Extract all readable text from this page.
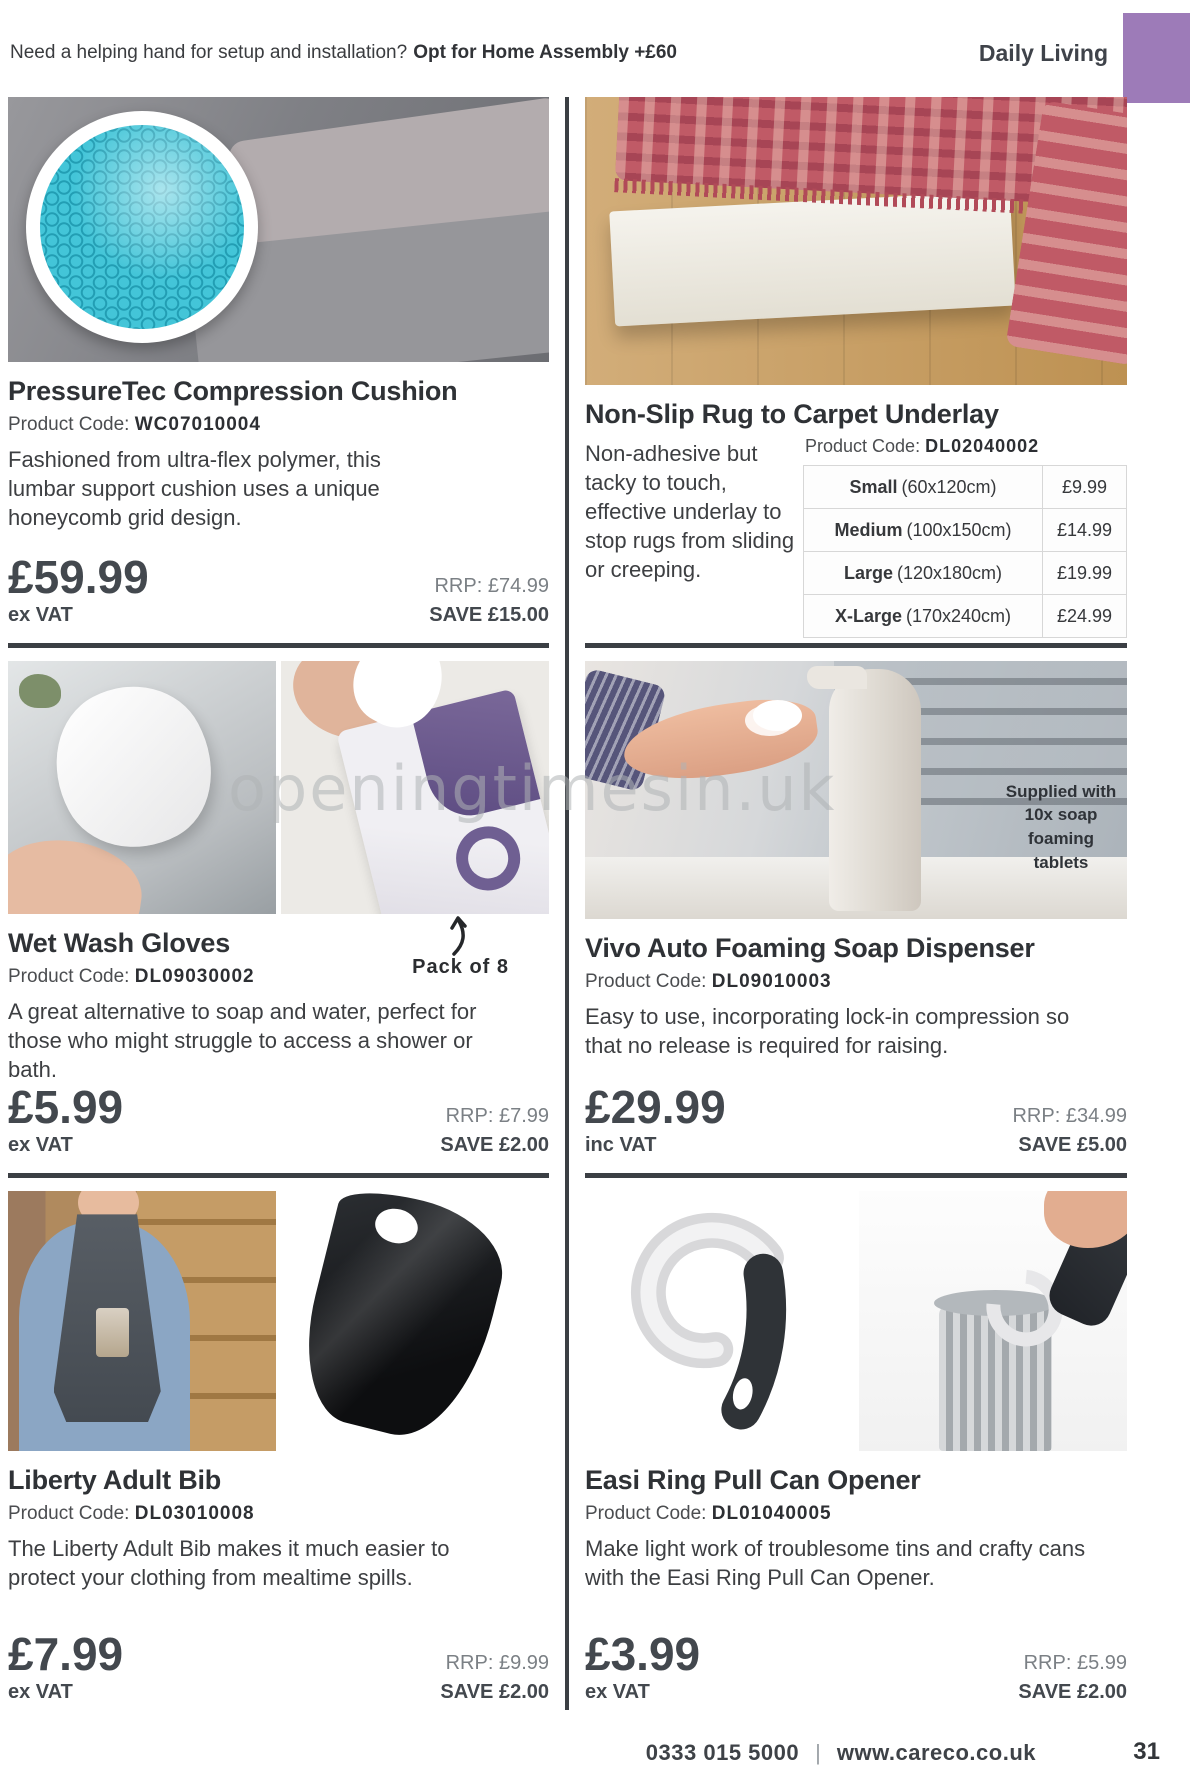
Need a helping hand for setup and installation? Opt for Home Assembly +£60	Daily Living
openingtimesin.uk
PressureTec Compression Cushion

Product Code: WC07010004

Fashioned from ultra-flex polymer, this lumbar support cushion uses a unique honeycomb grid design.

£59.99
ex VAT
RRP: £74.99
SAVE £15.00
Non-Slip Rug to Carpet Underlay

Non-adhesive but tacky to touch, effective underlay to stop rugs from sliding or creeping.

Product Code: DL02040002

Small (60x120cm)	£9.99
Medium (100x150cm)	£14.99
Large (120x180cm)	£19.99
X-Large (170x240cm)	£24.99
Wet Wash Gloves

Product Code: DL09030002	Pack of 8

A great alternative to soap and water, perfect for those who might struggle to access a shower or bath.

£5.99
ex VAT
RRP: £7.99
SAVE £2.00
Supplied with 10x soap foaming tablets
Vivo Auto Foaming Soap Dispenser

Product Code: DL09010003

Easy to use, incorporating lock-in compression so that no release is required for raising.

£29.99
inc VAT
RRP: £34.99
SAVE £5.00
Liberty Adult Bib

Product Code: DL03010008

The Liberty Adult Bib makes it much easier to protect your clothing from mealtime spills.

£7.99
ex VAT
RRP: £9.99
SAVE £2.00
Easi Ring Pull Can Opener

Product Code: DL01040005

Make light work of troublesome tins and crafty cans with the Easi Ring Pull Can Opener.

£3.99
ex VAT
RRP: £5.99
SAVE £2.00
0333 015 5000 | www.careco.co.uk	31
